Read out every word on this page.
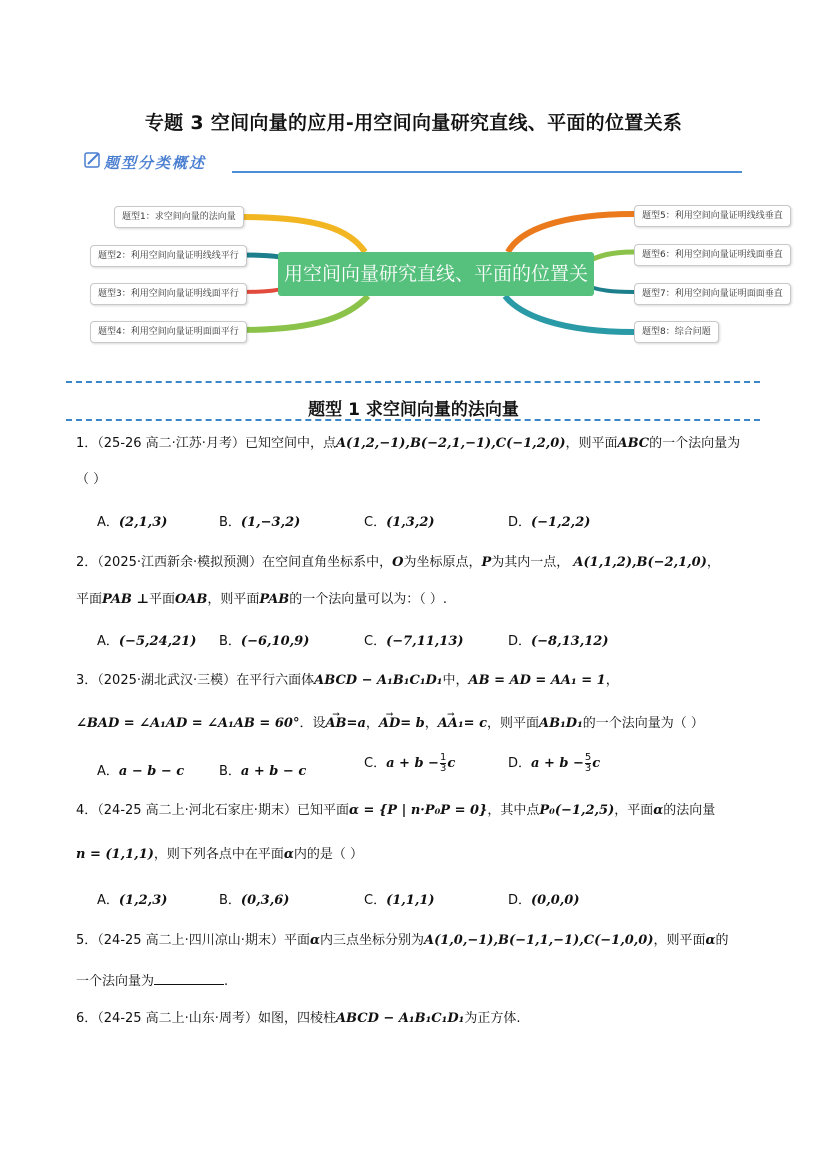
专题 3 空间向量的应用-用空间向量研究直线、平面的位置关系
题型分类概述
用空间向量研究直线、平面的位置关系
题型1：求空间向量的法向量
题型2：利用空间向量证明线线平行
题型3：利用空间向量证明线面平行
题型4：利用空间向量证明面面平行
题型5：利用空间向量证明线线垂直
题型6：利用空间向量证明线面垂直
题型7：利用空间向量证明面面垂直
题型8：综合问题
题型 1 求空间向量的法向量
1．（25-26 高二·江苏·月考）已知空间中，点A(1,2,−1),B(−2,1,−1),C(−1,2,0)，则平面ABC的一个法向量为
（ ）
A．(2,1,3)	B．(1,−3,2)	C．(1,3,2)	D．(−1,2,2)
2．（2025·江西新余·模拟预测）在空间直角坐标系中，O为坐标原点，P为其内一点， A(1,1,2),B(−2,1,0)，
平面PAB ⊥平面OAB，则平面PAB的一个法向量可以为：（ ）.
A．(−5,24,21) B．(−6,10,9)	C．(−7,11,13)	D．(−8,13,12)
3．（2025·湖北武汉·三模）在平行六面体ABCD − A₁B₁C₁D₁中，AB = AD = AA₁ = 1，
∠BAD = ∠A₁AD = ∠A₁AB = 60°．设→ AB=a，→ AD= b，→ AA₁= c，则平面AB₁D₁的一个法向量为（ ）
A．a − b − c	B．a + b − c
C．$a + b - \frac{1}{3}$ c	D．$a + b - \frac{5}{3}$ c
4．（24-25 高二上·河北石家庄·期末）已知平面α = {P | n·P₀P = 0}，其中点P₀(−1,2,5)，平面α的法向量
n = (1,1,1)，则下列各点中在平面α内的是（ ）
A．(1,2,3)	B．(0,3,6)	C．(1,1,1)	D．(0,0,0)
5．（24-25 高二上·四川凉山·期末）平面α内三点坐标分别为A(1,0,−1),B(−1,1,−1),C(−1,0,0)，则平面α的
一个法向量为	.
6．（24-25 高二上·山东·周考）如图，四棱柱ABCD − A₁B₁C₁D₁为正方体.
